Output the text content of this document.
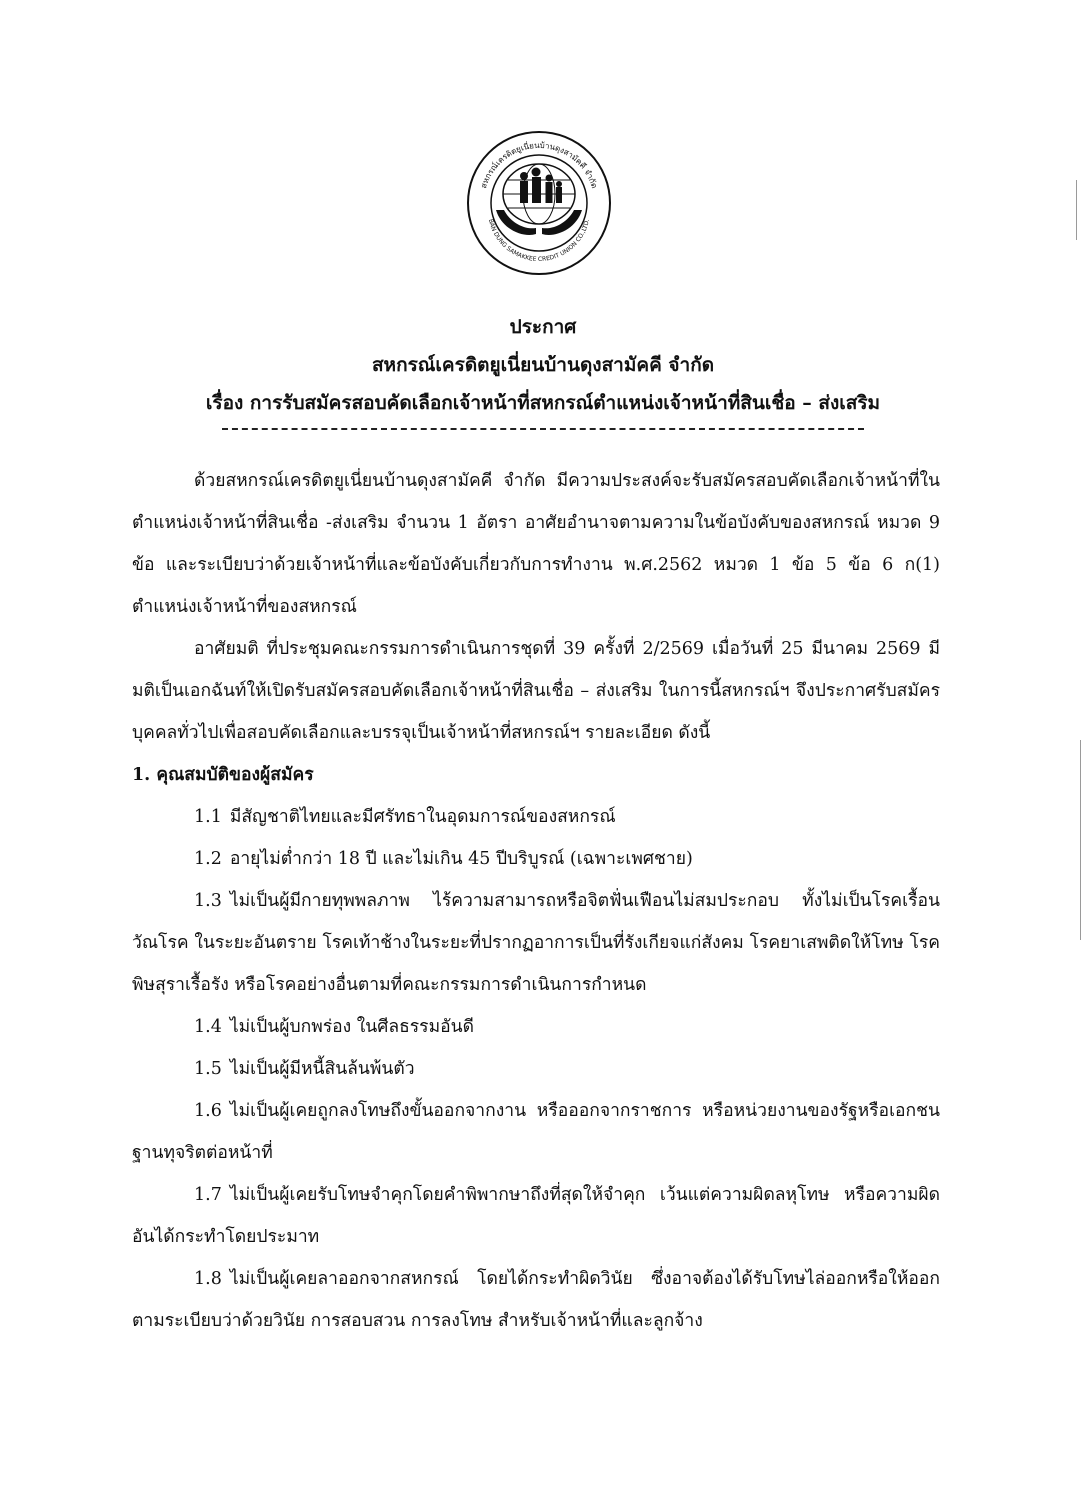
สหกรณ์เครดิตยูเนี่ยนบ้านดุงสามัคคี จำกัด
BAN DUNG SAMAKKEE CREDIT UNION CO.,LTD.
ประกาศ
สหกรณ์เครดิตยูเนี่ยนบ้านดุงสามัคคี จำกัด
เรื่อง การรับสมัครสอบคัดเลือกเจ้าหน้าที่สหกรณ์ตำแหน่งเจ้าหน้าที่สินเชื่อ – ส่งเสริม

ด้วยสหกรณ์เครดิตยูเนี่ยนบ้านดุงสามัคคี จำกัด มีความประสงค์จะรับสมัครสอบคัดเลือกเจ้าหน้าที่ในตำแหน่งเจ้าหน้าที่สินเชื่อ -ส่งเสริม จำนวน 1 อัตรา อาศัยอำนาจตามความในข้อบังคับของสหกรณ์ หมวด 9 ข้อ และระเบียบว่าด้วยเจ้าหน้าที่และข้อบังคับเกี่ยวกับการทำงาน พ.ศ.2562 หมวด 1 ข้อ 5 ข้อ 6 ก(1) ตำแหน่งเจ้าหน้าที่ของสหกรณ์

อาศัยมติ ที่ประชุมคณะกรรมการดำเนินการชุดที่ 39 ครั้งที่ 2/2569 เมื่อวันที่ 25 มีนาคม 2569 มีมติเป็นเอกฉันท์ให้เปิดรับสมัครสอบคัดเลือกเจ้าหน้าที่สินเชื่อ – ส่งเสริม ในการนี้สหกรณ์ฯ จึงประกาศรับสมัครบุคคลทั่วไปเพื่อสอบคัดเลือกและบรรจุเป็นเจ้าหน้าที่สหกรณ์ฯ รายละเอียด ดังนี้

1. คุณสมบัติของผู้สมัคร

1.1 มีสัญชาติไทยและมีศรัทธาในอุดมการณ์ของสหกรณ์

1.2 อายุไม่ต่ำกว่า 18 ปี และไม่เกิน 45 ปีบริบูรณ์ (เฉพาะเพศชาย)

1.3 ไม่เป็นผู้มีกายทุพพลภาพ ไร้ความสามารถหรือจิตฟั่นเฟือนไม่สมประกอบ ทั้งไม่เป็นโรคเรื้อน วัณโรค ในระยะอันตราย โรคเท้าช้างในระยะที่ปรากฏอาการเป็นที่รังเกียจแก่สังคม โรคยาเสพติดให้โทษ โรคพิษสุราเรื้อรัง หรือโรคอย่างอื่นตามที่คณะกรรมการดำเนินการกำหนด

1.4 ไม่เป็นผู้บกพร่อง ในศีลธรรมอันดี

1.5 ไม่เป็นผู้มีหนี้สินล้นพ้นตัว

1.6 ไม่เป็นผู้เคยถูกลงโทษถึงขั้นออกจากงาน หรือออกจากราชการ หรือหน่วยงานของรัฐหรือเอกชน ฐานทุจริตต่อหน้าที่

1.7 ไม่เป็นผู้เคยรับโทษจำคุกโดยคำพิพากษาถึงที่สุดให้จำคุก เว้นแต่ความผิดลหุโทษ หรือความผิดอันได้กระทำโดยประมาท

1.8 ไม่เป็นผู้เคยลาออกจากสหกรณ์ โดยได้กระทำผิดวินัย ซึ่งอาจต้องได้รับโทษไล่ออกหรือให้ออกตามระเบียบว่าด้วยวินัย การสอบสวน การลงโทษ สำหรับเจ้าหน้าที่และลูกจ้าง
